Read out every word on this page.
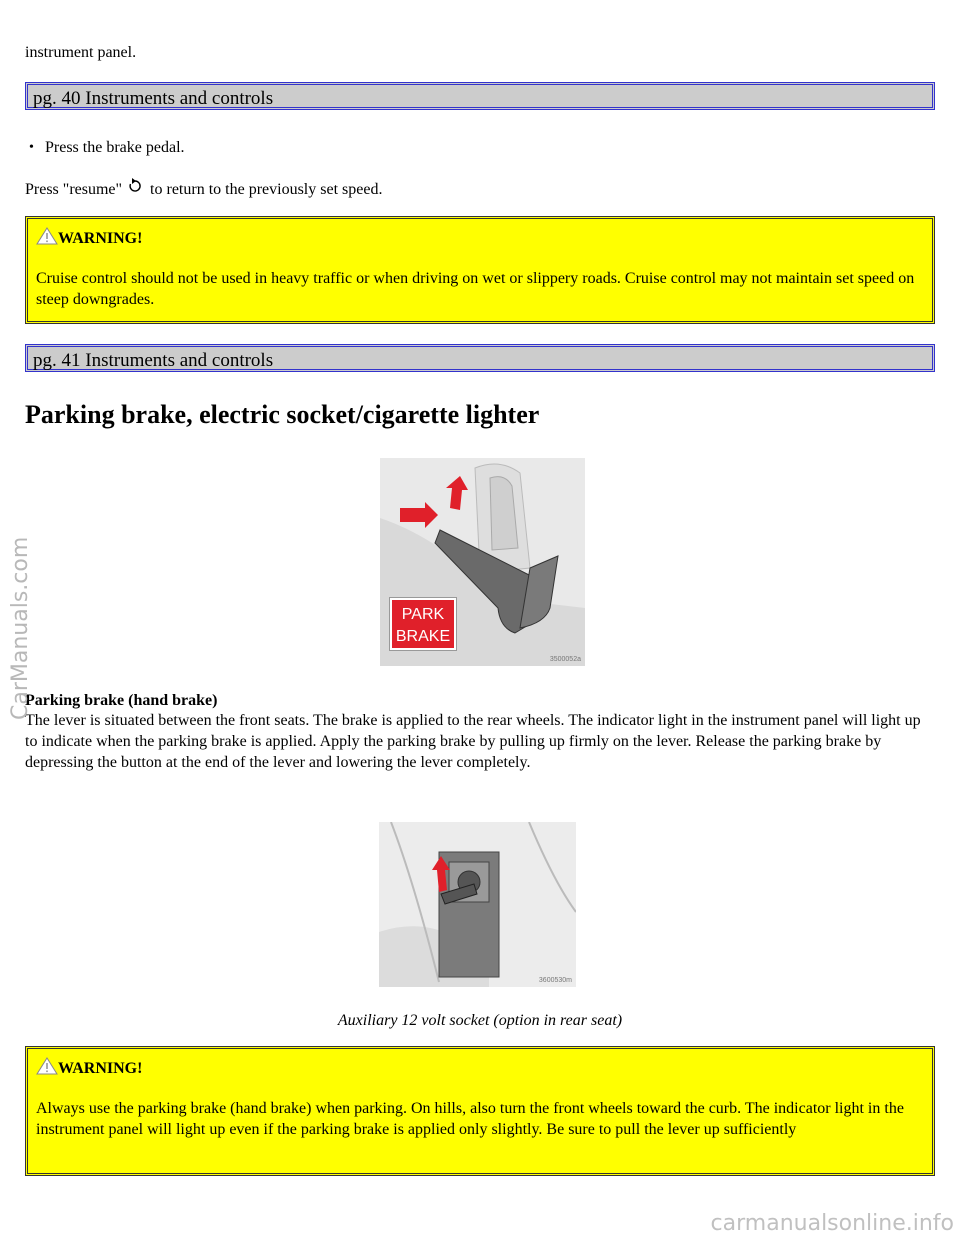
instrument panel.

pg. 40 Instruments and controls

• Press the brake pedal.

Press "resume" to return to the previously set speed.

WARNING!
Cruise control should not be used in heavy traffic or when driving on wet or slippery roads. Cruise control may not maintain set speed on steep downgrades.
pg. 41 Instruments and controls
Parking brake, electric socket/cigarette lighter
PARK
BRAKE
3500052a

Parking brake (hand brake)

The lever is situated between the front seats. The brake is applied to the rear wheels. The indicator light in the instrument panel will light up to indicate when the parking brake is applied. Apply the parking brake by pulling up firmly on the lever. Release the parking brake by depressing the button at the end of the lever and lowering the lever completely.

3600530m

Auxiliary 12 volt socket (option in rear seat)

WARNING!
Always use the parking brake (hand brake) when parking. On hills, also turn the front wheels toward the curb. The indicator light in the instrument panel will light up even if the parking brake is applied only slightly. Be sure to pull the lever up sufficiently
CarManuals.com
carmanualsonline.info
